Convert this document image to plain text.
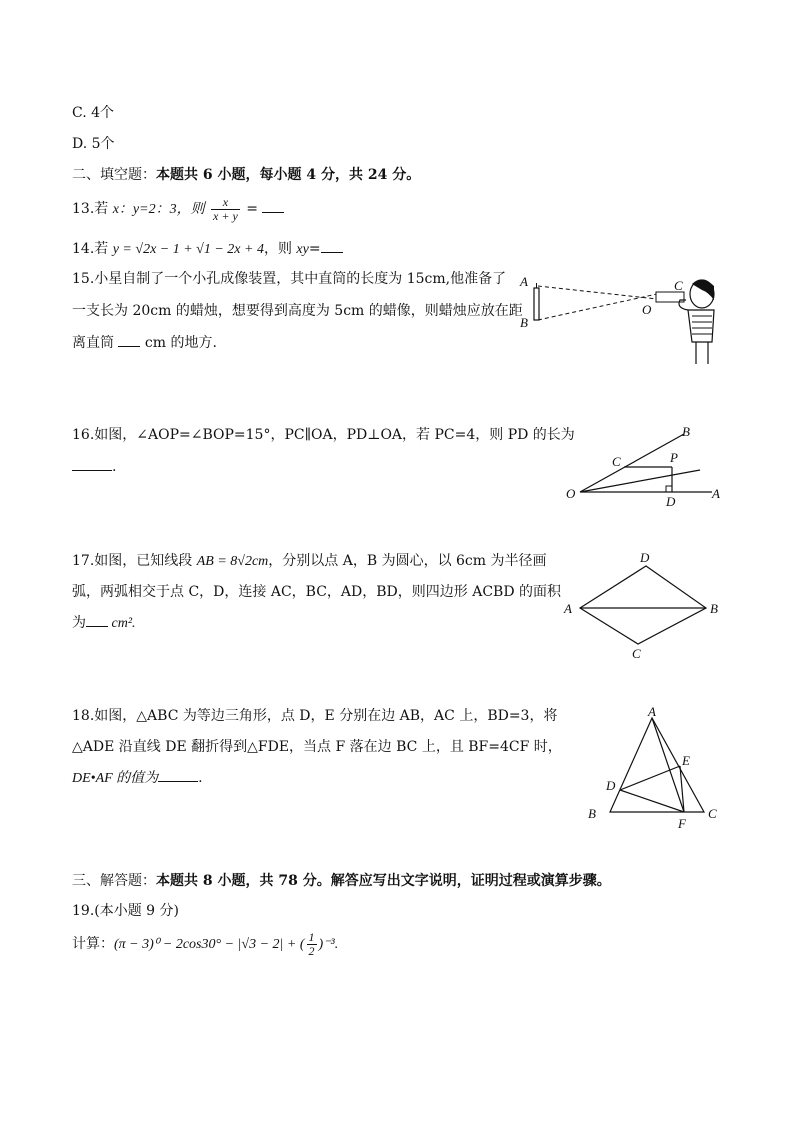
C. 4个
D. 5个
二、填空题：本题共 6 小题，每小题 4 分，共 24 分。
13.若 x：y=2：3，则 $\frac{x}{x + y}$ =
14.若 y = √2x − 1 + √1 − 2x + 4，则 xy=
15.小星自制了一个小孔成像装置，其中直筒的长度为 15cm,他准备了
一支长为 20cm 的蜡烛，想要得到高度为 5cm 的蜡像，则蜡烛应放在距
离直筒  cm 的地方.
A
B
C
O
16.如图，∠AOP=∠BOP=15°，PC∥OA，PD⊥OA，若 PC=4，则 PD 的长为
.
B
C	P
O
D
A
17.如图，已知线段 AB = 8√2cm，分别以点 A，B 为圆心，以 6cm 为半径画
弧，两弧相交于点 C，D，连接 AC，BC，AD，BD，则四边形 ACBD 的面积
为 cm².
D
A	B
C
18.如图，△ABC 为等边三角形，点 D，E 分别在边 AB，AC 上，BD=3，将
△ADE 沿直线 DE 翻折得到△FDE，当点 F 落在边 BC 上，且 BF=4CF 时，
DE•AF 的值为	.
A
E
D
B
F
C
三、解答题：本题共 8 小题，共 78 分。解答应写出文字说明，证明过程或演算步骤。
19.(本小题 9 分)
计算：(π − 3)⁰ − 2cos30° − |√3 − 2| + ( $\frac{1}{2} )^{-3}$.
